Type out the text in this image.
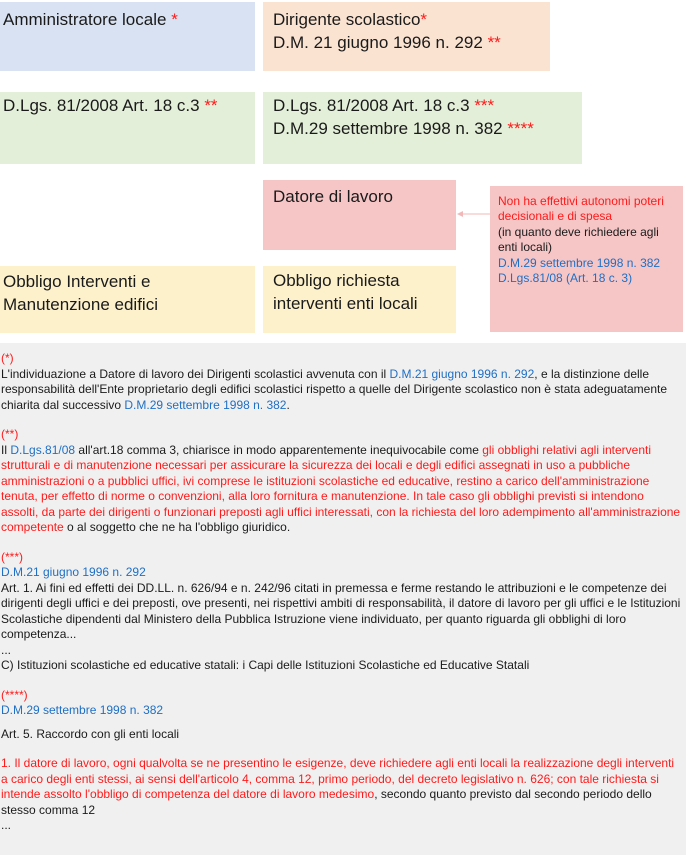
Amministratore locale *	Dirigente scolastico*
D.M. 21 giugno 1996 n. 292 **
D.Lgs. 81/2008 Art. 18 c.3 **	D.Lgs. 81/2008 Art. 18 c.3 ***
D.M.29 settembre 1998 n. 382 ****
Datore di lavoro	Non ha effettivi autonomi poteri decisionali e di spesa
(in quanto deve richiedere agli enti locali)
D.M.29 settembre 1998 n. 382
D.Lgs.81/08 (Art. 18 c. 3)
Obbligo Interventi e Manutenzione edifici
Obbligo richiesta interventi enti locali

(*)

L'individuazione a Datore di lavoro dei Dirigenti scolastici avvenuta con il D.M.21 giugno 1996 n. 292, e la distinzione delle responsabilità dell'Ente proprietario degli edifici scolastici rispetto a quelle del Dirigente scolastico non è stata adeguatamente chiarita dal successivo D.M.29 settembre 1998 n. 382.

(**)

Il D.Lgs.81/08 all'art.18 comma 3, chiarisce in modo apparentemente inequivocabile come gli obblighi relativi agli interventi strutturali e di manutenzione necessari per assicurare la sicurezza dei locali e degli edifici assegnati in uso a pubbliche amministrazioni o a pubblici uffici, ivi comprese le istituzioni scolastiche ed educative, restino a carico dell'amministrazione tenuta, per effetto di norme o convenzioni, alla loro fornitura e manutenzione. In tale caso gli obblighi previsti si intendono assolti, da parte dei dirigenti o funzionari preposti agli uffici interessati, con la richiesta del loro adempimento all'amministrazione competente o al soggetto che ne ha l'obbligo giuridico.

(***)

D.M.21 giugno 1996 n. 292

Art. 1. Ai fini ed effetti dei DD.LL. n. 626/94 e n. 242/96 citati in premessa e ferme restando le attribuzioni e le competenze dei dirigenti degli uffici e dei preposti, ove presenti, nei rispettivi ambiti di responsabilità, il datore di lavoro per gli uffici e le Istituzioni Scolastiche dipendenti dal Ministero della Pubblica Istruzione viene individuato, per quanto riguarda gli obblighi di loro competenza...

...

C) Istituzioni scolastiche ed educative statali: i Capi delle Istituzioni Scolastiche ed Educative Statali

(****)

D.M.29 settembre 1998 n. 382

Art. 5. Raccordo con gli enti locali

1. Il datore di lavoro, ogni qualvolta se ne presentino le esigenze, deve richiedere agli enti locali la realizzazione degli interventi a carico degli enti stessi, ai sensi dell'articolo 4, comma 12, primo periodo, del decreto legislativo n. 626; con tale richiesta si intende assolto l'obbligo di competenza del datore di lavoro medesimo, secondo quanto previsto dal secondo periodo dello stesso comma 12

...
